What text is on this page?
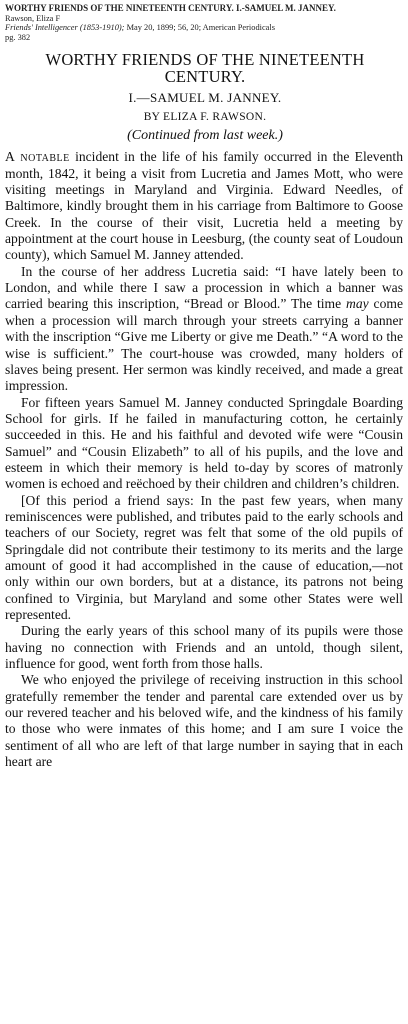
WORTHY FRIENDS OF THE NINETEENTH CENTURY. I.-SAMUEL M. JANNEY.
Rawson, Eliza F
Friends' Intelligencer (1853-1910); May 20, 1899; 56, 20; American Periodicals
pg. 382
WORTHY FRIENDS OF THE NINETEENTH CENTURY.
I.—SAMUEL M. JANNEY.
BY ELIZA F. RAWSON.
(Continued from last week.)

A notable incident in the life of his family occurred in the Eleventh month, 1842, it being a visit from Lucretia and James Mott, who were visiting meetings in Maryland and Virginia. Edward Needles, of Baltimore, kindly brought them in his carriage from Baltimore to Goose Creek. In the course of their visit, Lucretia held a meeting by appointment at the court house in Leesburg, (the county seat of Loudoun county), which Samuel M. Janney attended.

In the course of her address Lucretia said: “I have lately been to London, and while there I saw a procession in which a banner was carried bearing this inscription, “Bread or Blood.” The time may come when a procession will march through your streets carrying a banner with the inscription “Give me Liberty or give me Death.” “A word to the wise is sufficient.” The court-house was crowded, many holders of slaves being present. Her sermon was kindly received, and made a great impression.

For fifteen years Samuel M. Janney conducted Springdale Boarding School for girls. If he failed in manufacturing cotton, he certainly succeeded in this. He and his faithful and devoted wife were “Cousin Samuel” and “Cousin Elizabeth” to all of his pupils, and the love and esteem in which their memory is held to-day by scores of matronly women is echoed and reëchoed by their children and children’s children.

[Of this period a friend says: In the past few years, when many reminiscences were published, and tributes paid to the early schools and teachers of our Society, regret was felt that some of the old pupils of Springdale did not contribute their testimony to its merits and the large amount of good it had accomplished in the cause of education,—not only within our own borders, but at a distance, its patrons not being confined to Virginia, but Maryland and some other States were well represented.

During the early years of this school many of its pupils were those having no connection with Friends and an untold, though silent, influence for good, went forth from those halls.

We who enjoyed the privilege of receiving instruction in this school gratefully remember the tender and parental care extended over us by our revered teacher and his beloved wife, and the kindness of his family to those who were inmates of this home; and I am sure I voice the sentiment of all who are left of that large number in saying that in each heart are
